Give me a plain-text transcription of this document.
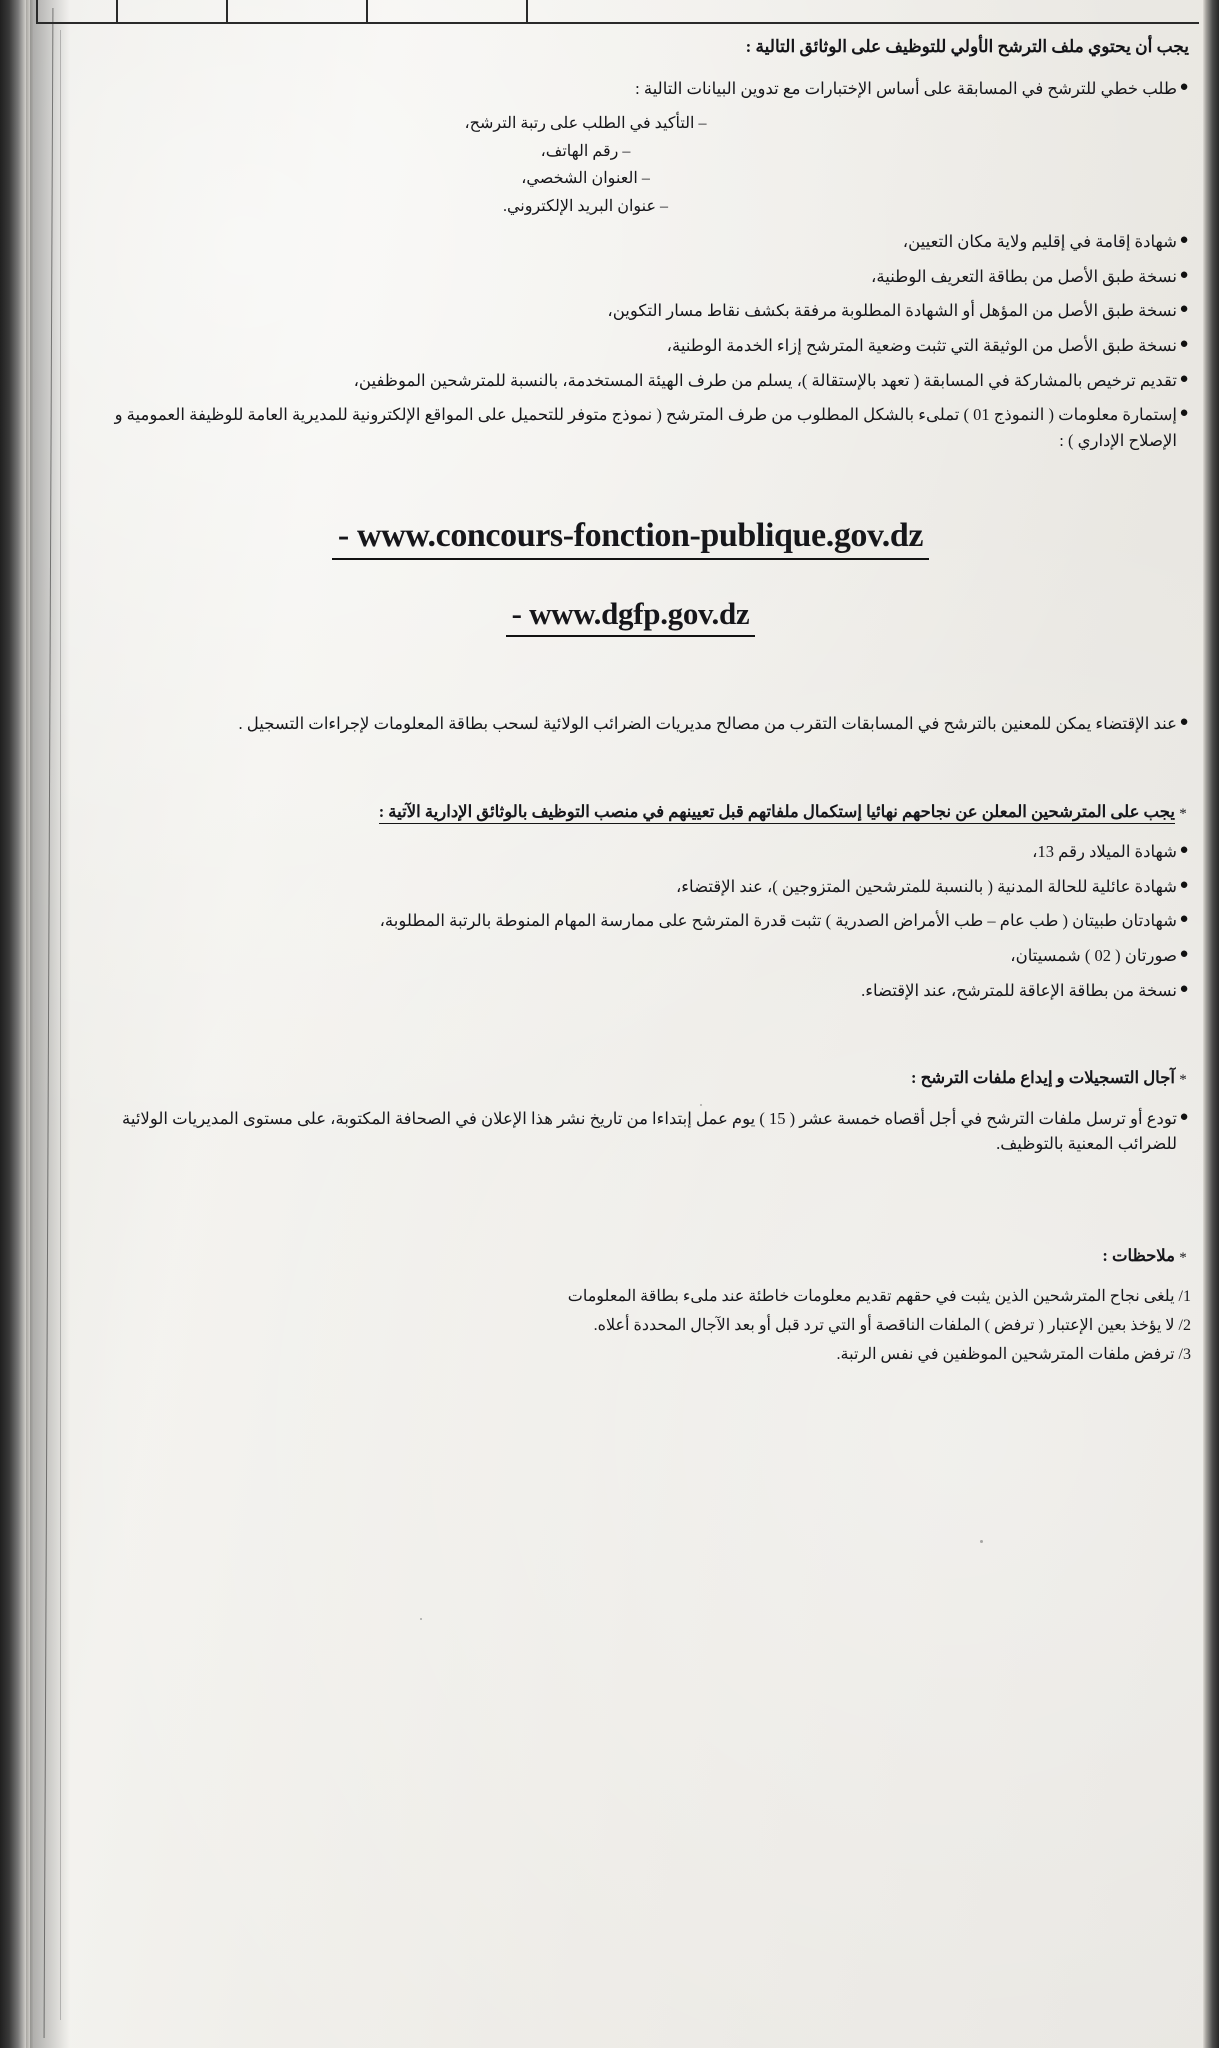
يجب أن يحتوي ملف الترشح الأولي للتوظيف على الوثائق التالية :
●
طلب خطي للترشح في المسابقة على أساس الإختبارات مع تدوين البيانات التالية :
– التأكيد في الطلب على رتبة الترشح،
– رقم الهاتف،
– العنوان الشخصي،
– عنوان البريد الإلكتروني.
●
شهادة إقامة في إقليم ولاية مكان التعيين،
●
نسخة طبق الأصل من بطاقة التعريف الوطنية،
●
نسخة طبق الأصل من المؤهل أو الشهادة المطلوبة مرفقة بكشف نقاط مسار التكوين،
●
نسخة طبق الأصل من الوثيقة التي تثبت وضعية المترشح إزاء الخدمة الوطنية،
●
تقديم ترخيص بالمشاركة في المسابقة ( تعهد بالإستقالة )، يسلم من طرف الهيئة المستخدمة، بالنسبة للمترشحين الموظفين،
●
إستمارة معلومات ( النموذج 01 ) تملىء بالشكل المطلوب من طرف المترشح ( نموذج متوفر للتحميل على المواقع الإلكترونية للمديرية العامة للوظيفة العمومية و الإصلاح الإداري ) :
- www.concours-fonction-publique.gov.dz
- www.dgfp.gov.dz
●
عند الإقتضاء يمكن للمعنين بالترشح في المسابقات التقرب من مصالح مديريات الضرائب الولائية لسحب بطاقة المعلومات لإجراءات التسجيل .
*
يجب على المترشحين المعلن عن نجاحهم نهائيا إستكمال ملفاتهم قبل تعيينهم في منصب التوظيف بالوثائق الإدارية الآتية :
●
شهادة الميلاد رقم 13،
●
شهادة عائلية للحالة المدنية ( بالنسبة للمترشحين المتزوجين )، عند الإقتضاء،
●
شهادتان طبيتان ( طب عام – طب الأمراض الصدرية ) تثبت قدرة المترشح على ممارسة المهام المنوطة بالرتبة المطلوبة،
●
صورتان ( 02 ) شمسيتان،
●
نسخة من بطاقة الإعاقة للمترشح، عند الإقتضاء.
*
آجال التسجيلات و إيداع ملفات الترشح :
●
تودع أو ترسل ملفات الترشح في أجل أقصاه خمسة عشر ( 15 ) يوم عمل إبتداءا من تاريخ نشر هذا الإعلان في الصحافة المكتوبة، على مستوى المديريات الولائية للضرائب المعنية بالتوظيف.
*
ملاحظات :
1/ يلغى نجاح المترشحين الذين يثبت في حقهم تقديم معلومات خاطئة عند ملىء بطاقة المعلومات
2/ لا يؤخذ بعين الإعتبار ( ترفض ) الملفات الناقصة أو التي ترد قبل أو بعد الآجال المحددة أعلاه.
3/ ترفض ملفات المترشحين الموظفين في نفس الرتبة.
